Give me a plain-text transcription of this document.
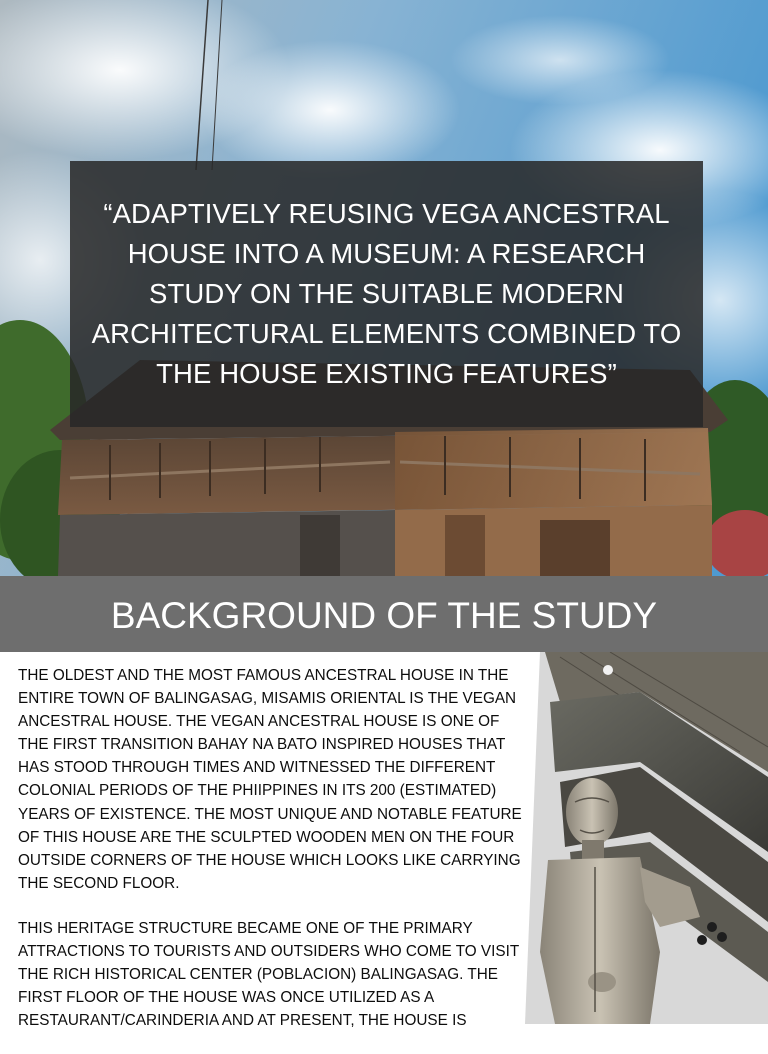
“ADAPTIVELY REUSING VEGA ANCESTRAL HOUSE INTO A MUSEUM: A RESEARCH STUDY ON THE SUITABLE MODERN ARCHITECTURAL ELEMENTS COMBINED TO THE HOUSE EXISTING FEATURES”

BACKGROUND OF THE STUDY

THE OLDEST AND THE MOST FAMOUS ANCESTRAL HOUSE IN THE ENTIRE TOWN OF BALINGASAG, MISAMIS ORIENTAL IS THE VEGAN ANCESTRAL HOUSE. THE VEGAN ANCESTRAL HOUSE IS ONE OF THE FIRST TRANSITION BAHAY NA BATO INSPIRED HOUSES THAT HAS STOOD THROUGH TIMES AND WITNESSED THE DIFFERENT COLONIAL PERIODS OF THE PHIIPPINES IN ITS 200 (ESTIMATED) YEARS OF EXISTENCE. THE MOST UNIQUE AND NOTABLE FEATURE OF THIS HOUSE ARE THE SCULPTED WOODEN MEN ON THE FOUR OUTSIDE CORNERS OF THE HOUSE WHICH LOOKS LIKE CARRYING THE SECOND FLOOR.

THIS HERITAGE STRUCTURE BECAME ONE OF THE PRIMARY ATTRACTIONS TO TOURISTS AND OUTSIDERS WHO COME TO VISIT THE RICH HISTORICAL CENTER (POBLACION) BALINGASAG. THE FIRST FLOOR OF THE HOUSE WAS ONCE UTILIZED AS A RESTAURANT/CARINDERIA AND AT PRESENT, THE HOUSE IS
